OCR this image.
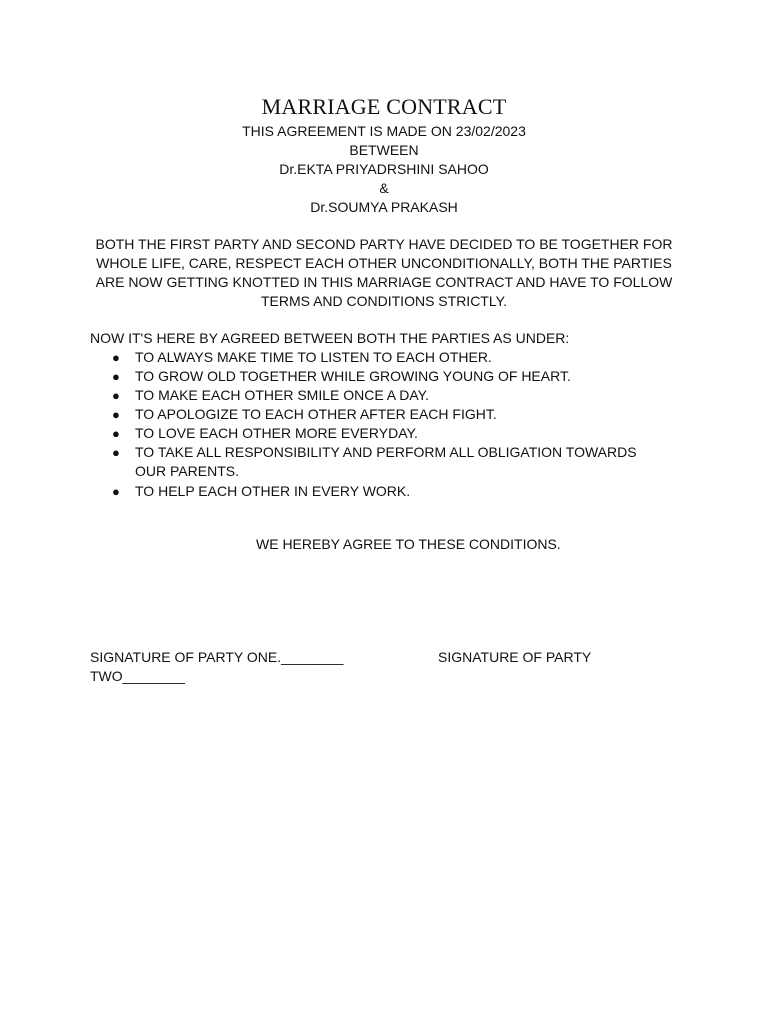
MARRIAGE CONTRACT
THIS AGREEMENT IS MADE ON 23/02/2023
BETWEEN
Dr.EKTA PRIYADRSHINI SAHOO
&
Dr.SOUMYA PRAKASH
BOTH THE FIRST PARTY AND SECOND PARTY HAVE DECIDED TO BE TOGETHER FOR WHOLE LIFE, CARE, RESPECT EACH OTHER UNCONDITIONALLY, BOTH THE PARTIES ARE NOW GETTING KNOTTED IN THIS MARRIAGE CONTRACT AND HAVE TO FOLLOW TERMS AND CONDITIONS STRICTLY.
NOW IT'S HERE BY AGREED BETWEEN BOTH THE PARTIES AS UNDER:
● TO ALWAYS MAKE TIME TO LISTEN TO EACH OTHER.
● TO GROW OLD TOGETHER WHILE GROWING YOUNG OF HEART.
● TO MAKE EACH OTHER SMILE ONCE A DAY.
● TO APOLOGIZE TO EACH OTHER AFTER EACH FIGHT.
● TO LOVE EACH OTHER MORE EVERYDAY.
● TO TAKE ALL RESPONSIBILITY AND PERFORM ALL OBLIGATION TOWARDS OUR PARENTS.
● TO HELP EACH OTHER IN EVERY WORK.
WE HEREBY AGREE TO THESE CONDITIONS.
SIGNATURE OF PARTY ONE.________	SIGNATURE OF PARTY
TWO________
